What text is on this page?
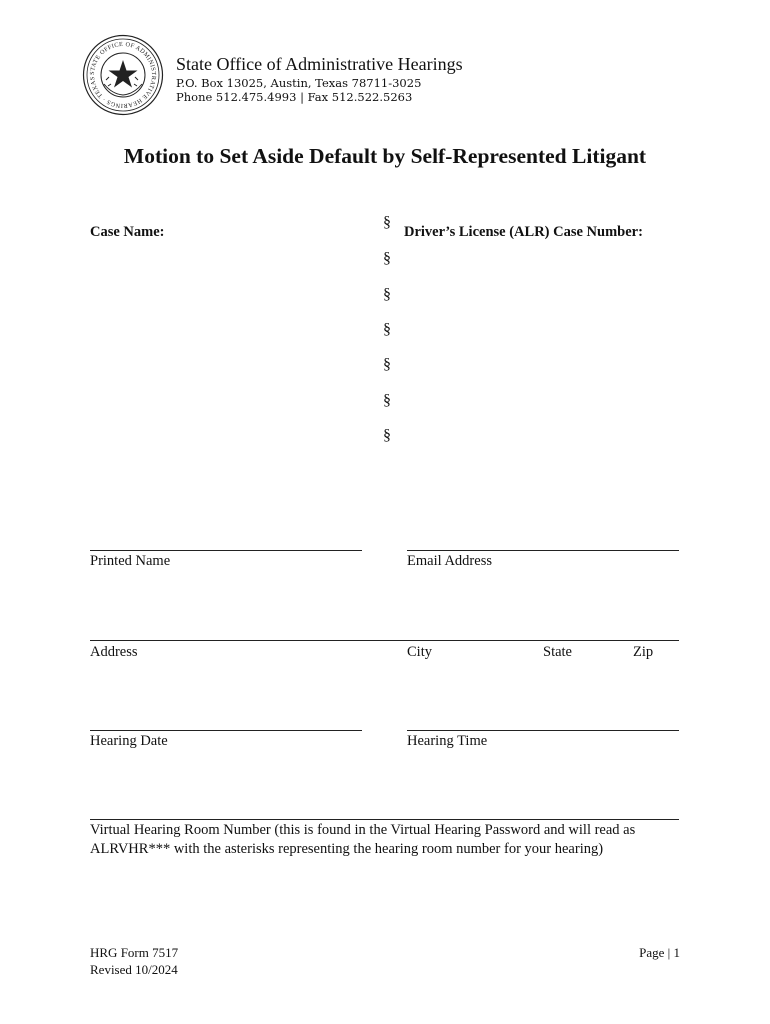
STATE OFFICE OF ADMINISTRATIVE HEARINGS · TEXAS
State Office of Administrative Hearings
P.O. Box 13025, Austin, Texas 78711-3025
Phone 512.475.4993 | Fax 512.522.5263
Motion to Set Aside Default by Self-Represented Litigant
Case Name:	Driver’s License (ALR) Case Number:
§
§
§
§
§
§
§
Printed Name	Email Address
Address	City	State	Zip
Hearing Date	Hearing Time
Virtual Hearing Room Number (this is found in the Virtual Hearing Password and will read as
ALRVHR*** with the asterisks representing the hearing room number for your hearing)
HRG Form 7517
Revised 10/2024
Page | 1
